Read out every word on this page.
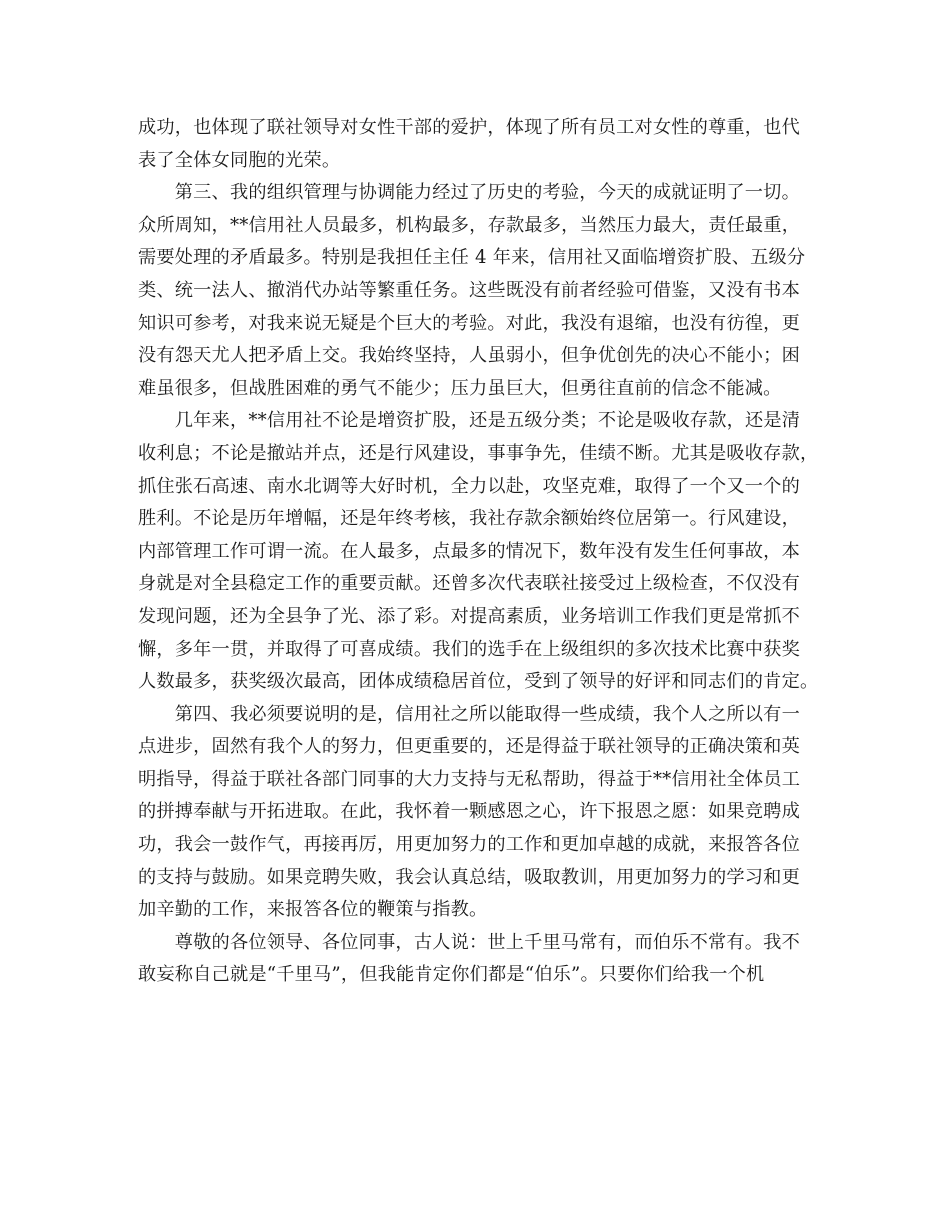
成功，也体现了联社领导对女性干部的爱护，体现了所有员工对女性的尊重，也代
表了全体女同胞的光荣。
　　第三、我的组织管理与协调能力经过了历史的考验，今天的成就证明了一切。
众所周知，**信用社人员最多，机构最多，存款最多，当然压力最大，责任最重，
需要处理的矛盾最多。特别是我担任主任 4 年来，信用社又面临增资扩股、五级分
类、统一法人、撤消代办站等繁重任务。这些既没有前者经验可借鉴，又没有书本
知识可参考，对我来说无疑是个巨大的考验。对此，我没有退缩，也没有彷徨，更
没有怨天尤人把矛盾上交。我始终坚持，人虽弱小，但争优创先的决心不能小；困
难虽很多，但战胜困难的勇气不能少；压力虽巨大，但勇往直前的信念不能减。
　　几年来，**信用社不论是增资扩股，还是五级分类；不论是吸收存款，还是清
收利息；不论是撤站并点，还是行风建设，事事争先，佳绩不断。尤其是吸收存款，
抓住张石高速、南水北调等大好时机，全力以赴，攻坚克难，取得了一个又一个的
胜利。不论是历年增幅，还是年终考核，我社存款余额始终位居第一。行风建设，
内部管理工作可谓一流。在人最多，点最多的情况下，数年没有发生任何事故，本
身就是对全县稳定工作的重要贡献。还曾多次代表联社接受过上级检查，不仅没有
发现问题，还为全县争了光、添了彩。对提高素质，业务培训工作我们更是常抓不
懈，多年一贯，并取得了可喜成绩。我们的选手在上级组织的多次技术比赛中获奖
人数最多，获奖级次最高，团体成绩稳居首位，受到了领导的好评和同志们的肯定。
　　第四、我必须要说明的是，信用社之所以能取得一些成绩，我个人之所以有一
点进步，固然有我个人的努力，但更重要的，还是得益于联社领导的正确决策和英
明指导，得益于联社各部门同事的大力支持与无私帮助，得益于**信用社全体员工
的拼搏奉献与开拓进取。在此，我怀着一颗感恩之心，许下报恩之愿：如果竞聘成
功，我会一鼓作气，再接再厉，用更加努力的工作和更加卓越的成就，来报答各位
的支持与鼓励。如果竞聘失败，我会认真总结，吸取教训，用更加努力的学习和更
加辛勤的工作，来报答各位的鞭策与指教。
　　尊敬的各位领导、各位同事，古人说：世上千里马常有，而伯乐不常有。我不
敢妄称自己就是“千里马”，但我能肯定你们都是“伯乐”。只要你们给我一个机
